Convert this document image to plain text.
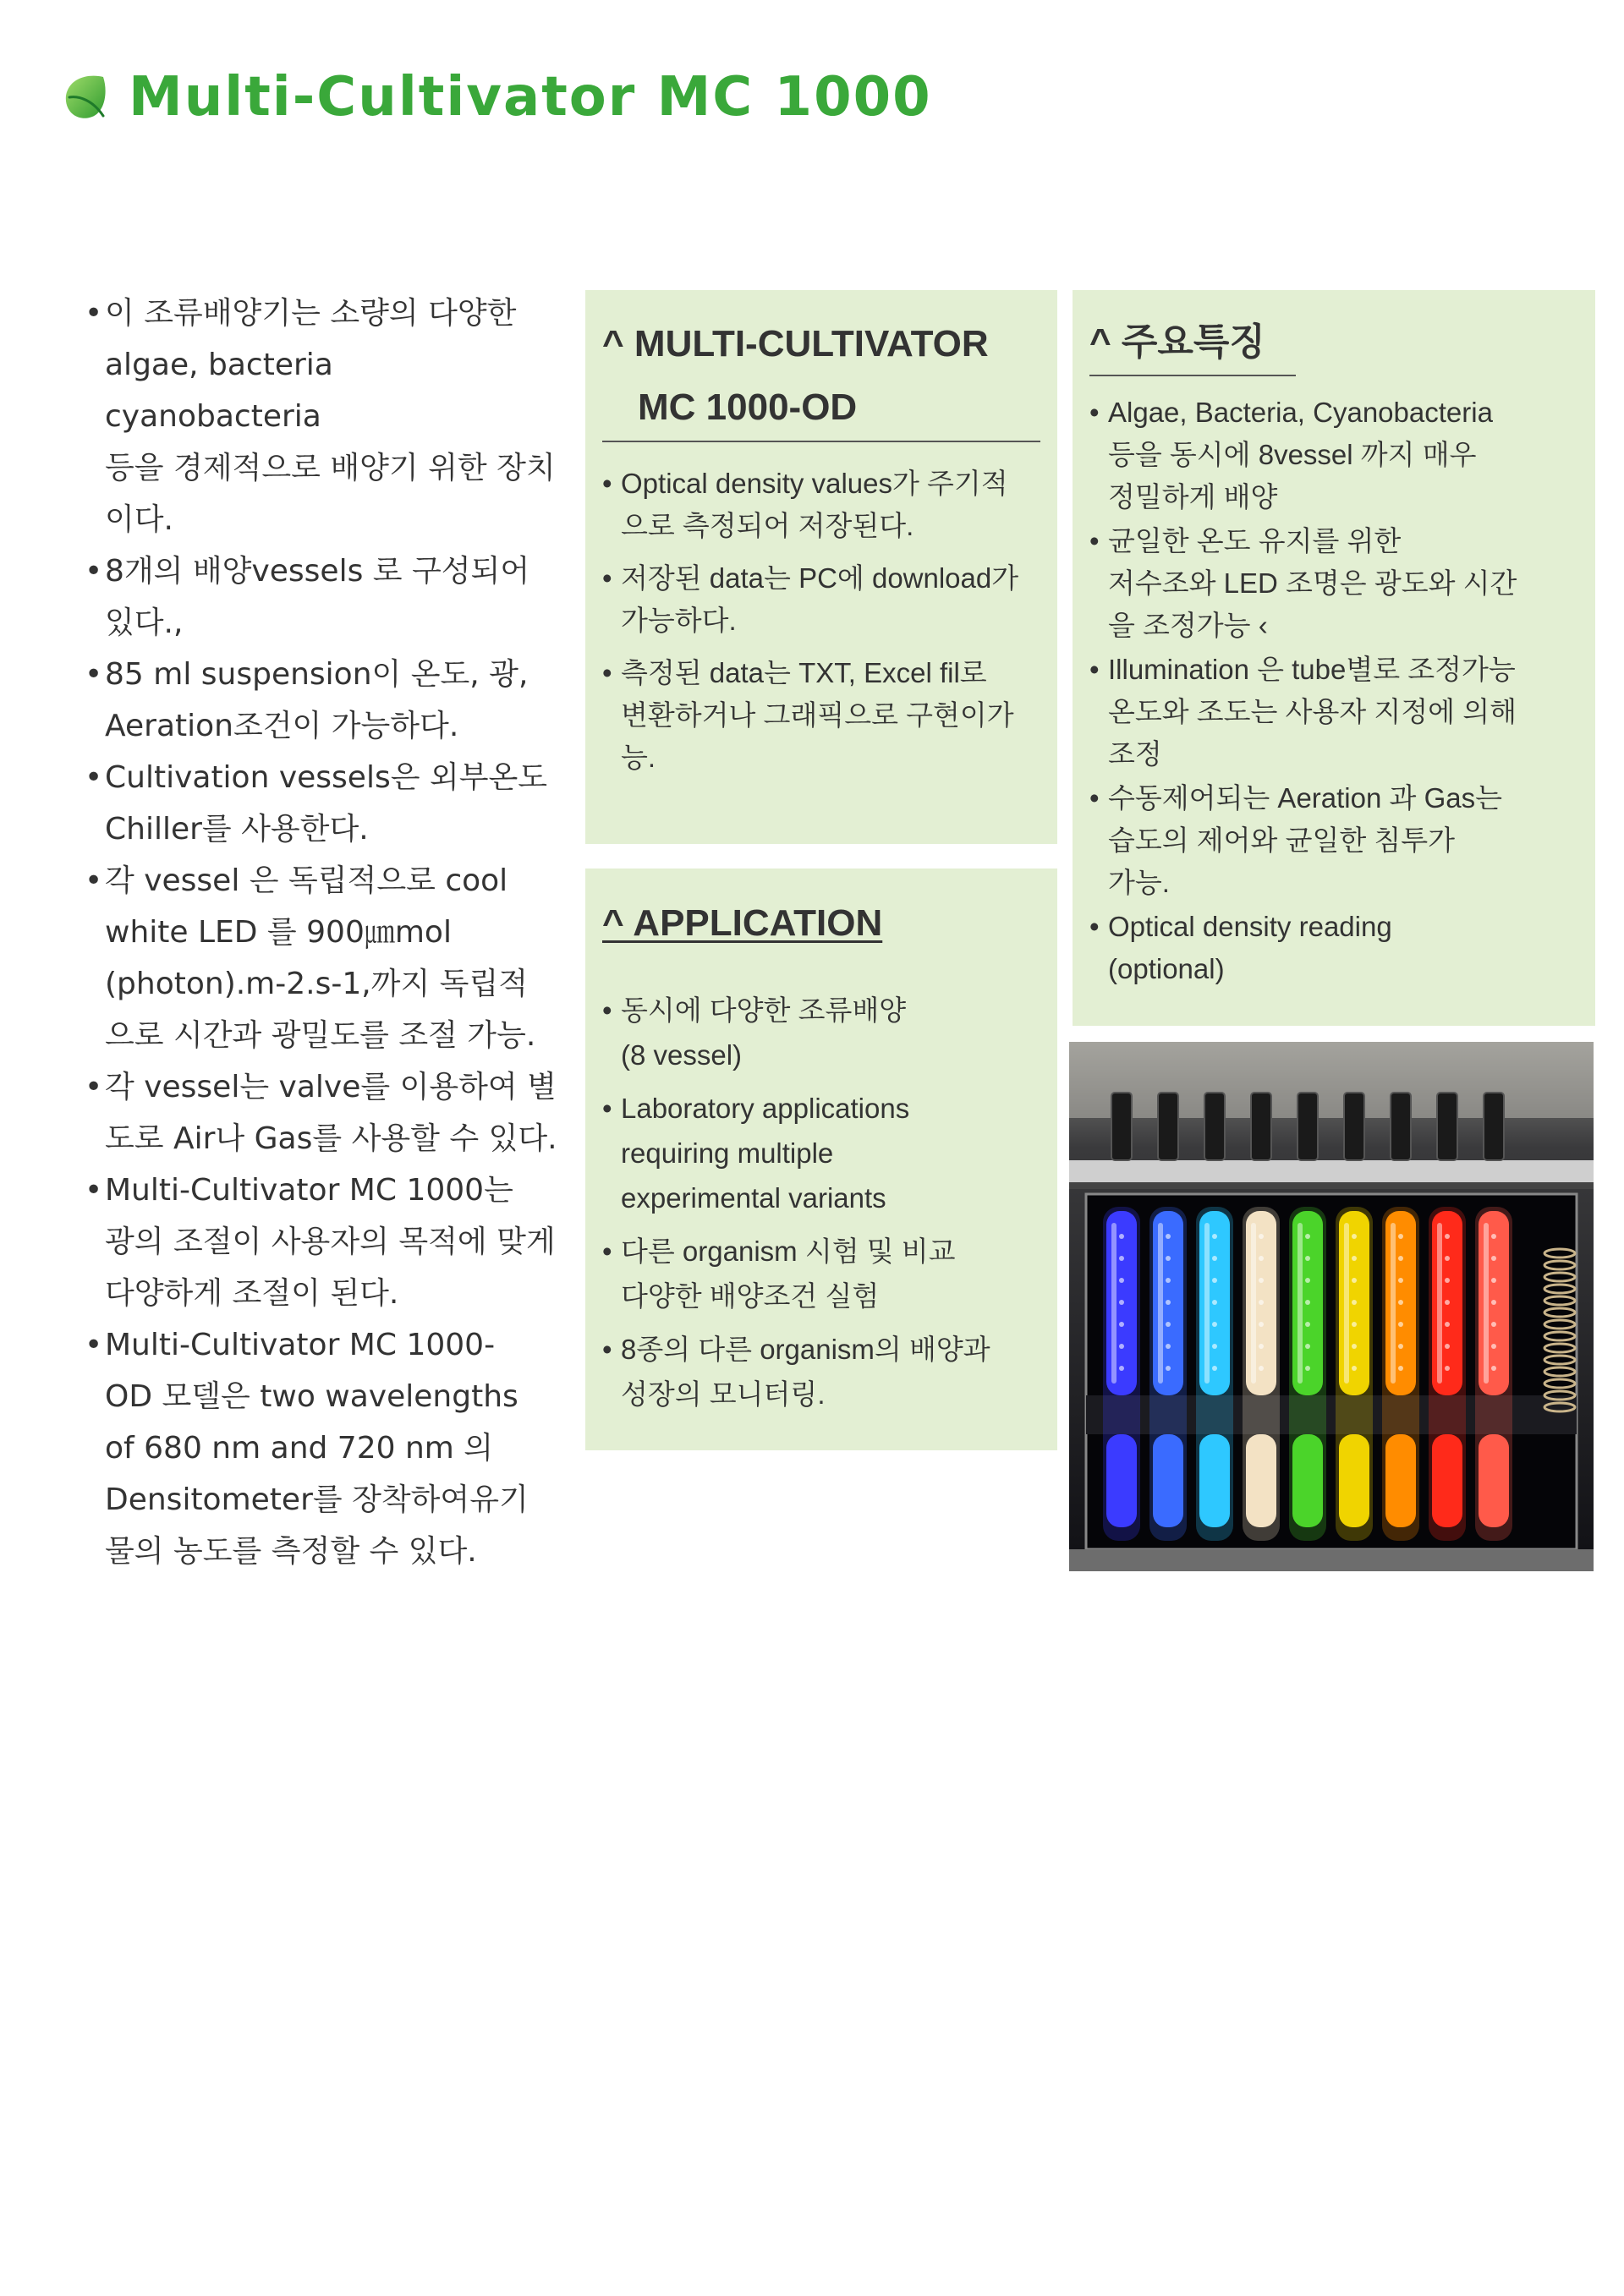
Multi-Cultivator MC 1000
• 이 조류배양기는 소량의 다양한
algae, bacteria cyanobacteria
등을 경제적으로 배양기 위한 장치
이다.
• 8개의 배양vessels 로 구성되어
있다.,
• 85 ml suspension이 온도, 광,
Aeration조건이 가능하다.
• Cultivation vessels은 외부온도
Chiller를 사용한다.
• 각 vessel 은 독립적으로 cool
white LED 를 900㎛mol
(photon).m-2.s-1,까지 독립적
으로 시간과 광밀도를 조절 가능.
• 각 vessel는 valve를 이용하여 별
도로 Air나 Gas를 사용할 수 있다.
• Multi-Cultivator MC 1000는
광의 조절이 사용자의 목적에 맞게
다양하게 조절이 된다.
• Multi-Cultivator MC 1000-
OD 모델은 two wavelengths
of 680 nm and 720 nm 의
Densitometer를 장착하여유기
물의 농도를 측정할 수 있다.
^ MULTI-CULTIVATOR
MC 1000-OD
• Optical density values가 주기적
으로 측정되어 저장된다.
• 저장된 data는 PC에 download가
가능하다.
• 측정된 data는 TXT, Excel fil로
변환하거나 그래픽으로 구현이가
능.
^ APPLICATION
• 동시에 다양한 조류배양
(8 vessel)
• Laboratory applications
requiring multiple
experimental variants
• 다른 organism 시험 및 비교
다양한 배양조건 실험
• 8종의 다른 organism의 배양과
성장의 모니터링.
^ 주요특징
• Algae, Bacteria, Cyanobacteria
등을 동시에 8vessel 까지 매우
정밀하게 배양
• 균일한 온도 유지를 위한
저수조와 LED 조명은 광도와 시간
을 조정가능 ‹
• Illumination 은 tube별로 조정가능
온도와 조도는 사용자 지정에 의해
조정
• 수동제어되는 Aeration 과 Gas는
습도의 제어와 균일한 침투가
가능.
• Optical density reading
(optional)
